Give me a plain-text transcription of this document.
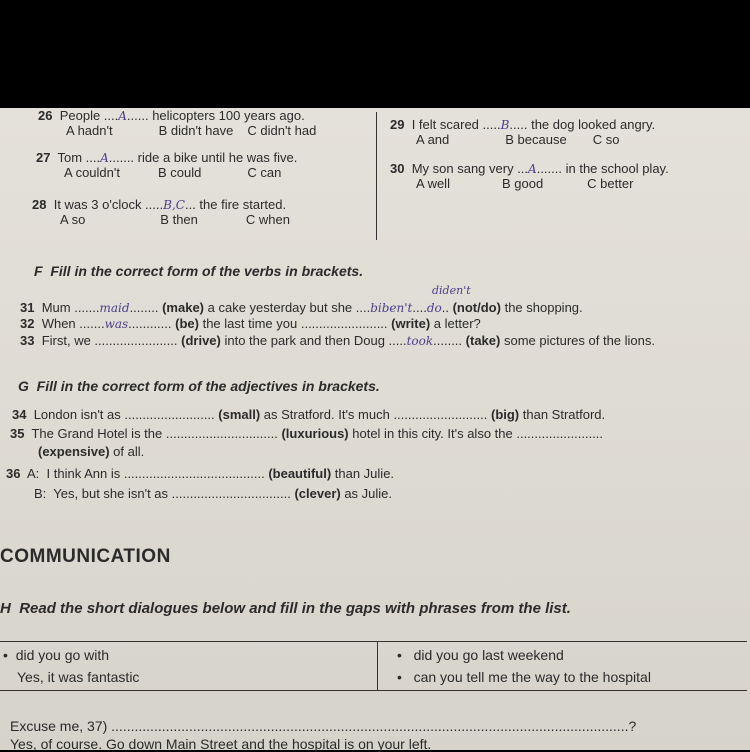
26 People ....A...... helicopters 100 years ago.
A hadn't	B didn't have C didn't had
27 Tom ....A....... ride a bike until he was five.
A couldn't	B could	C can
28 It was 3 o'clock .....B,C... the fire started.
A so	B then	C when
29 I felt scared .....B..... the dog looked angry.
A and	B because C so
30 My son sang very ...A....... in the school play.
A well	B good	C better
F Fill in the correct form of the verbs in brackets.
diden't
31 Mum .......maid........ (make) a cake yesterday but she ....biben't....do.. (not/do) the shopping.
32 When .......was............ (be) the last time you ........................ (write) a letter?
33 First, we ....................... (drive) into the park and then Doug .....took........ (take) some pictures of the lions.
G Fill in the correct form of the adjectives in brackets.
34 London isn't as ......................... (small) as Stratford. It's much .......................... (big) than Stratford.
35 The Grand Hotel is the ............................... (luxurious) hotel in this city. It's also the ........................
(expensive) of all.
36 A: I think Ann is ....................................... (beautiful) than Julie.
B: Yes, but she isn't as ................................. (clever) as Julie.
COMMUNICATION
H Read the short dialogues below and fill in the gaps with phrases from the list.
• did you go with
Yes, it was fantastic
• did you go last weekend
• can you tell me the way to the hospital
Excuse me, 37) .....................................................................................................................................?
Yes, of course. Go down Main Street and the hospital is on your left.
